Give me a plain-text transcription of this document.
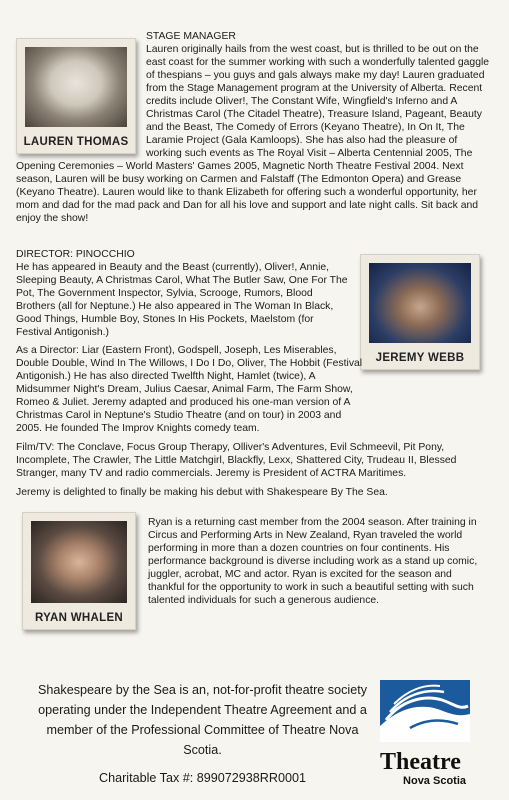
LAUREN THOMAS
STAGE MANAGER

Lauren originally hails from the west coast, but is thrilled to be out on the east coast for the summer working with such a wonderfully talented gaggle of thespians – you guys and gals always make my day! Lauren graduated from the Stage Management program at the University of Alberta. Recent credits include Oliver!, The Constant Wife, Wingfield's Inferno and A Christmas Carol (The Citadel Theatre), Treasure Island, Pageant, Beauty and the Beast, The Comedy of Errors (Keyano Theatre), In On It, The Laramie Project (Gala Kamloops). She has also had the pleasure of working such events as The Royal Visit – Alberta Centennial 2005, The Opening Ceremonies – World Masters' Games 2005, Magnetic North Theatre Festival 2004. Next season, Lauren will be busy working on Carmen and Falstaff (The Edmonton Opera) and Grease (Keyano Theatre). Lauren would like to thank Elizabeth for offering such a wonderful opportunity, her mom and dad for the mad pack and Dan for all his love and support and late night calls. Sit back and enjoy the show!

JEREMY WEBB
DIRECTOR: PINOCCHIO

He has appeared in Beauty and the Beast (currently), Oliver!, Annie, Sleeping Beauty, A Christmas Carol, What The Butler Saw, One For The Pot, The Government Inspector, Sylvia, Scrooge, Rumors, Blood Brothers (all for Neptune.) He also appeared in The Woman In Black, Good Things, Humble Boy, Stones In His Pockets, Maelstom (for Festival Antigonish.)

As a Director: Liar (Eastern Front), Godspell, Joseph, Les Miserables, Double Double, Wind In The Willows, I Do I Do, Oliver, The Hobbit (Festival Antigonish.) He has also directed Twelfth Night, Hamlet (twice), A Midsummer Night's Dream, Julius Caesar, Animal Farm, The Farm Show, Romeo & Juliet. Jeremy adapted and produced his one-man version of A Christmas Carol in Neptune's Studio Theatre (and on tour) in 2003 and 2005. He founded The Improv Knights comedy team.

Film/TV: The Conclave, Focus Group Therapy, Olliver's Adventures, Evil Schmeevil, Pit Pony, Incomplete, The Crawler, The Little Matchgirl, Blackfly, Lexx, Shattered City, Trudeau II, Blessed Stranger, many TV and radio commercials. Jeremy is President of ACTRA Maritimes.

Jeremy is delighted to finally be making his debut with Shakespeare By The Sea.

RYAN WHALEN

Ryan is a returning cast member from the 2004 season. After training in Circus and Performing Arts in New Zealand, Ryan traveled the world performing in more than a dozen countries on four continents. His performance background is diverse including work as a stand up comic, juggler, acrobat, MC and actor. Ryan is excited for the season and thankful for the opportunity to work in such a beautiful setting with such talented individuals for such a generous audience.

Shakespeare by the Sea is an, not-for-profit theatre society operating under the Independent Theatre Agreement and a member of the Professional Committee of Theatre Nova Scotia.
Charitable Tax #: 899072938RR0001
Theatre
Nova Scotia
